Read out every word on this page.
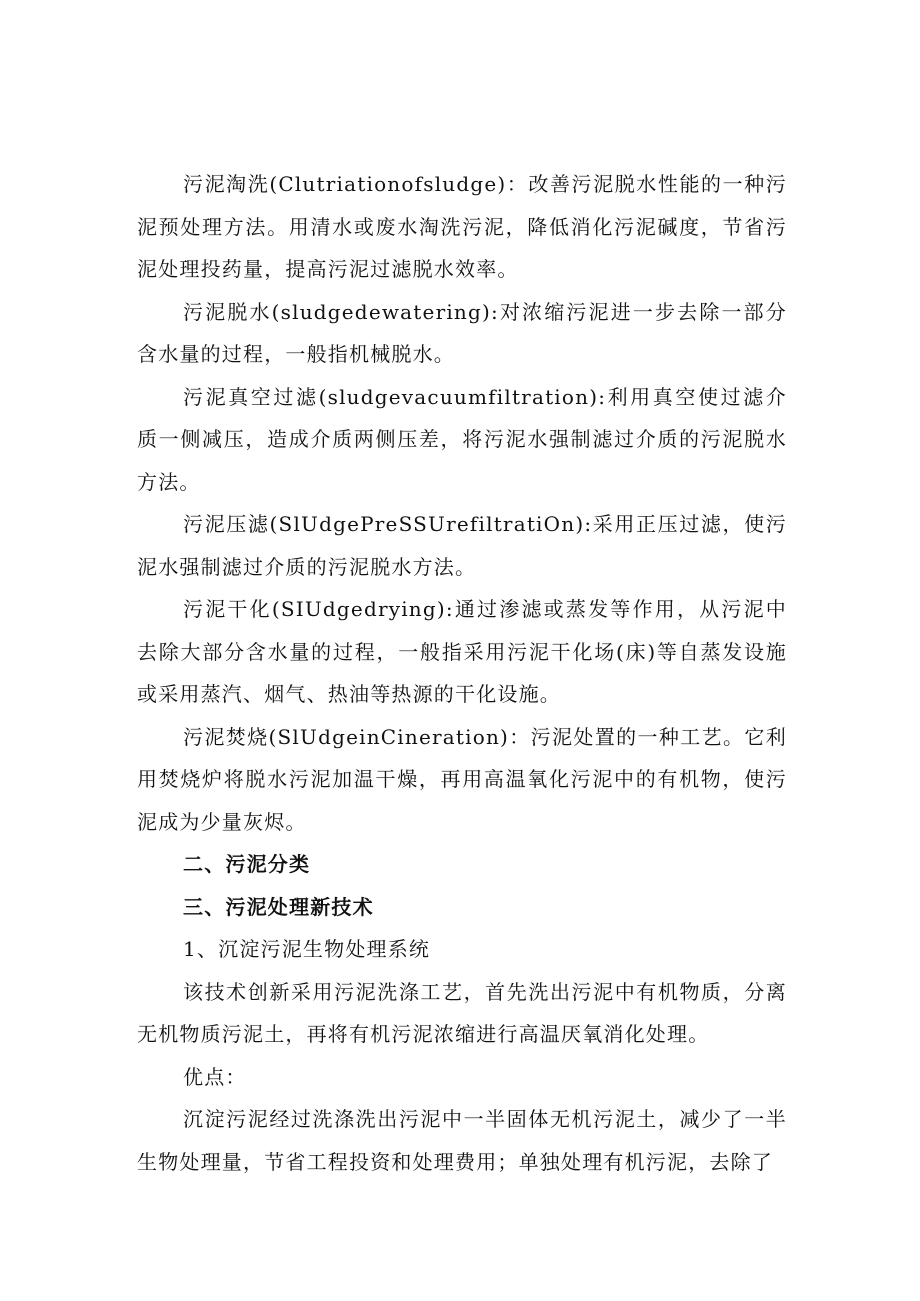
污泥淘洗(Clutriationofsludge)：改善污泥脱水性能的一种污泥预处理方法。用清水或废水淘洗污泥，降低消化污泥碱度，节省污泥处理投药量，提高污泥过滤脱水效率。

污泥脱水(sludgedewatering):对浓缩污泥进一步去除一部分含水量的过程，一般指机械脱水。

污泥真空过滤(sludgevacuumfiltration):利用真空使过滤介质一侧减压，造成介质两侧压差，将污泥水强制滤过介质的污泥脱水方法。

污泥压滤(SlUdgePreSSUrefiltratiOn):采用正压过滤，使污泥水强制滤过介质的污泥脱水方法。

污泥干化(SIUdgedrying):通过渗滤或蒸发等作用，从污泥中去除大部分含水量的过程，一般指采用污泥干化场(床)等自蒸发设施或采用蒸汽、烟气、热油等热源的干化设施。

污泥焚烧(SlUdgeinCineration)：污泥处置的一种工艺。它利用焚烧炉将脱水污泥加温干燥，再用高温氧化污泥中的有机物，使污泥成为少量灰烬。

二、污泥分类

三、污泥处理新技术

1、沉淀污泥生物处理系统

该技术创新采用污泥洗涤工艺，首先洗出污泥中有机物质，分离无机物质污泥土，再将有机污泥浓缩进行高温厌氧消化处理。

优点：

沉淀污泥经过洗涤洗出污泥中一半固体无机污泥土，减少了一半生物处理量，节省工程投资和处理费用；单独处理有机污泥，去除了
